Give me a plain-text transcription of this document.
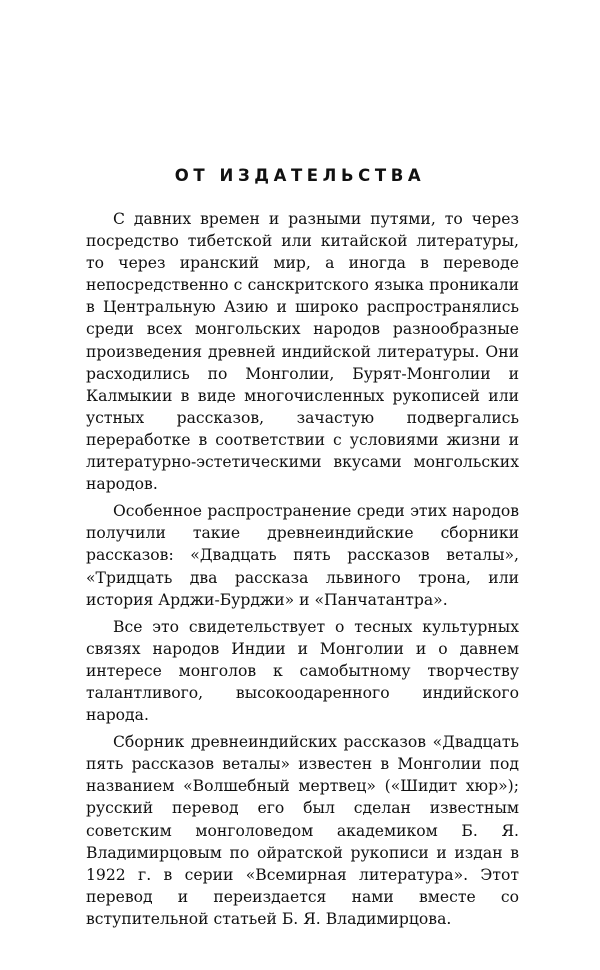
ОТ ИЗДАТЕЛЬСТВА

С давних времен и разными путями, то через посредство тибетской или китайской литературы, то через иранский мир, а иногда в переводе непосредственно с санскритского языка проникали в Центральную Азию и широко распространялись среди всех монгольских народов разнообразные произведения древней индийской литературы. Они расходились по Монголии, Бурят-Монголии и Калмыкии в виде многочисленных рукописей или устных рассказов, зачастую подвергались переработке в соответствии с условиями жизни и литературно-эстетическими вкусами монгольских народов.

Особенное распространение среди этих народов получили такие древнеиндийские сборники рассказов: «Двадцать пять рассказов веталы», «Тридцать два рассказа львиного трона, или история Арджи-Бурджи» и «Панчатантра».

Все это свидетельствует о тесных культурных связях народов Индии и Монголии и о давнем интересе монголов к самобытному творчеству талантливого, высокоодаренного индийского народа.

Сборник древнеиндийских рассказов «Двадцать пять рассказов веталы» известен в Монголии под названием «Волшебный мертвец» («Шидит хюр»); русский перевод его был сделан известным советским монголоведом академиком Б. Я. Владимирцовым по ойратской рукописи и издан в 1922 г. в серии «Всемирная литература». Этот перевод и переиздается нами вместе со вступительной статьей Б. Я. Владимирцова.
